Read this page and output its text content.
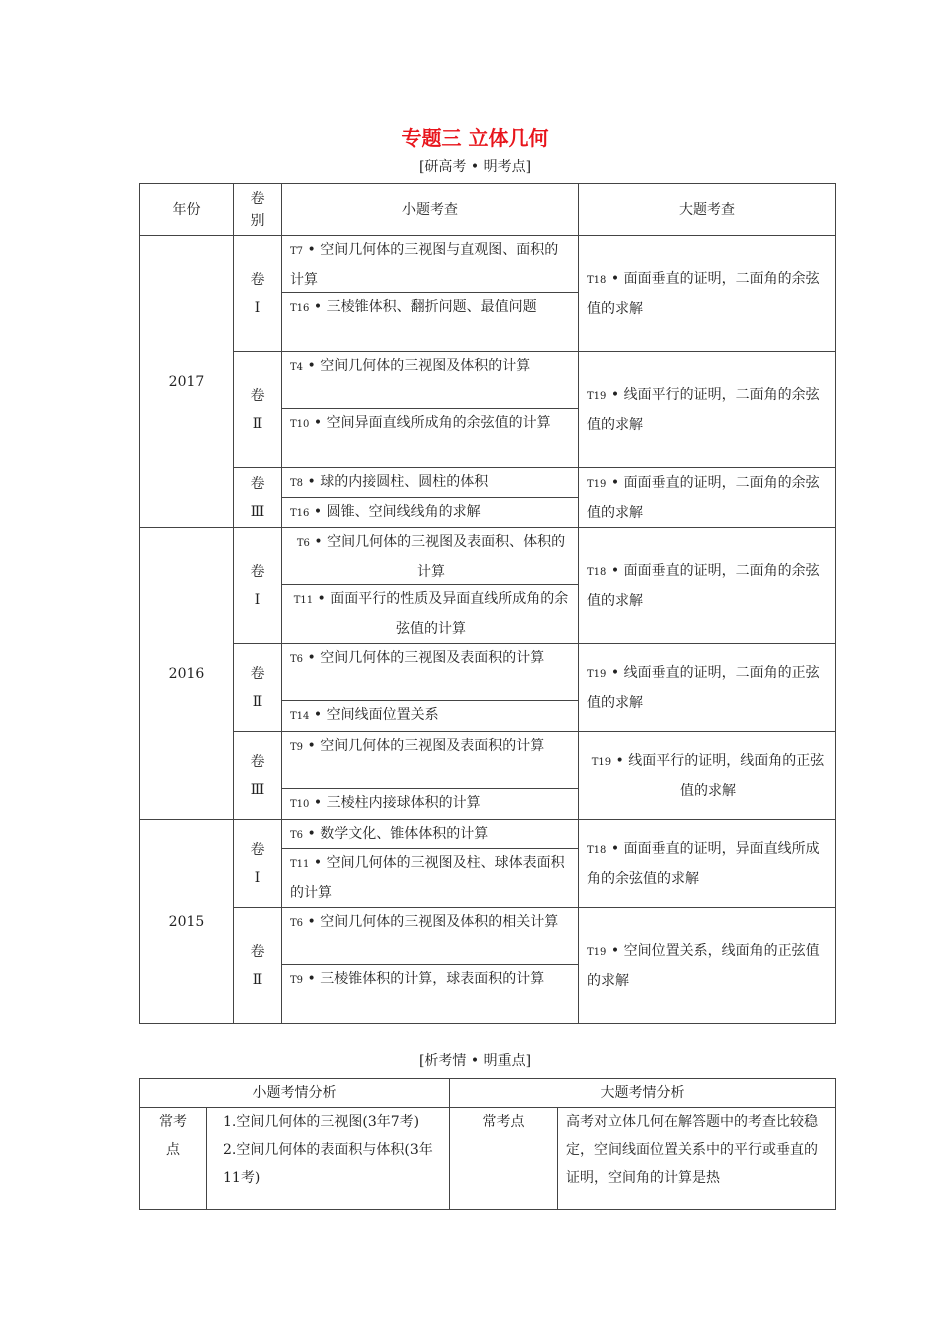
专题三 立体几何
[研高考 • 明考点]
年份	卷别	小题考查	大题考查
2017	卷Ⅰ	T7 • 空间几何体的三视图与直观图、面积的计算
T16 • 三棱锥体积、翻折问题、最值问题	T18 • 面面垂直的证明，二面角的余弦值的求解

	卷Ⅱ	T4 • 空间几何体的三视图及体积的计算
T10 • 空间异面直线所成角的余弦值的计算	T19 • 线面平行的证明，二面角的余弦值的求解

	卷Ⅲ	T8 • 球的内接圆柱、圆柱的体积
T16 • 圆锥、空间线线角的求解	T19 • 面面垂直的证明，二面角的余弦值的求解

2016	卷Ⅰ	T6 • 空间几何体的三视图及表面积、体积的计算
T11 • 面面平行的性质及异面直线所成角的余弦值的计算	T18 • 面面垂直的证明，二面角的余弦值的求解

	卷Ⅱ	T6 • 空间几何体的三视图及表面积的计算
T14 • 空间线面位置关系	T19 • 线面垂直的证明，二面角的正弦值的求解

	卷Ⅲ	T9 • 空间几何体的三视图及表面积的计算
T10 • 三棱柱内接球体积的计算	T19 • 线面平行的证明，线面角的正弦值的求解

2015	卷Ⅰ	T6 • 数学文化、锥体体积的计算
T11 • 空间几何体的三视图及柱、球体表面积的计算	T18 • 面面垂直的证明，异面直线所成角的余弦值的求解

	卷Ⅱ	T6 • 空间几何体的三视图及体积的相关计算
T9 • 三棱锥体积的计算，球表面积的计算	T19 • 空间位置关系，线面角的正弦值的求解
[析考情 • 明重点]
小题考情分析		大题考情分析	

常考点	1.空间几何体的三视图(3年7考)
2.空间几何体的表面积与体积(3年11考)	常考点	高考对立体几何在解答题中的考查比较稳定，空间线面位置关系中的平行或垂直的证明，空间角的计算是热
